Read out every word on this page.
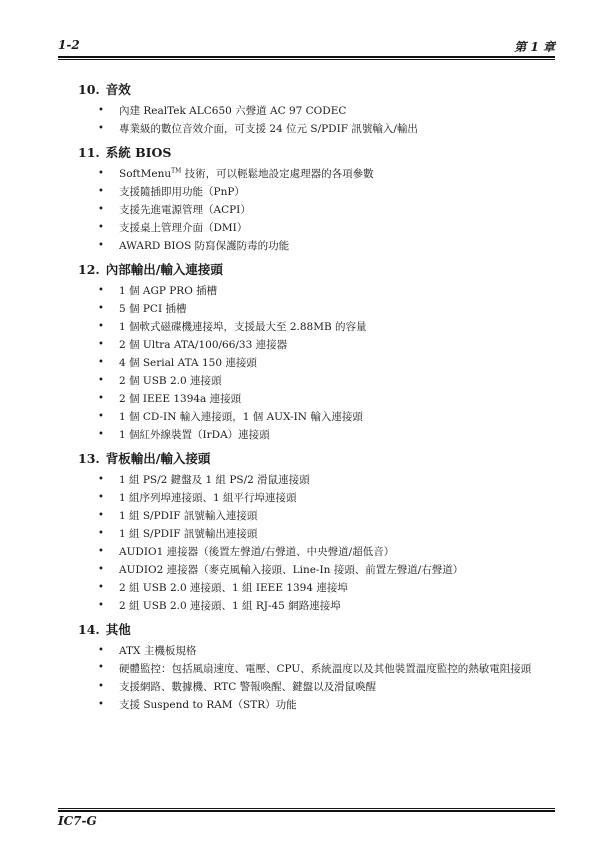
1-2	第 1 章
10. 音效
• 內建 RealTek ALC650 六聲道 AC 97 CODEC
• 專業級的數位音效介面，可支援 24 位元 S/PDIF 訊號輸入/輸出
11. 系統 BIOS
• SoftMenu™ 技術，可以輕鬆地設定處理器的各項參數
• 支援隨插即用功能（PnP）
• 支援先進電源管理（ACPI）
• 支援桌上管理介面（DMI）
• AWARD BIOS 防寫保護防毒的功能
12. 內部輸出/輸入連接頭
• 1 個 AGP PRO 插槽
• 5 個 PCI 插槽
• 1 個軟式磁碟機連接埠，支援最大至 2.88MB 的容量
• 2 個 Ultra ATA/100/66/33 連接器
• 4 個 Serial ATA 150 連接頭
• 2 個 USB 2.0 連接頭
• 2 個 IEEE 1394a 連接頭
• 1 個 CD-IN 輸入連接頭，1 個 AUX-IN 輸入連接頭
• 1 個紅外線裝置（IrDA）連接頭
13. 背板輸出/輸入接頭
• 1 組 PS/2 鍵盤及 1 組 PS/2 滑鼠連接頭
• 1 組序列埠連接頭、1 組平行埠連接頭
• 1 組 S/PDIF 訊號輸入連接頭
• 1 組 S/PDIF 訊號輸出連接頭
• AUDIO1 連接器（後置左聲道/右聲道、中央聲道/超低音）
• AUDIO2 連接器（麥克風輸入接頭、Line-In 接頭、前置左聲道/右聲道）
• 2 組 USB 2.0 連接頭、1 組 IEEE 1394 連接埠
• 2 組 USB 2.0 連接頭、1 組 RJ-45 網路連接埠
14. 其他
• ATX 主機板規格
• 硬體監控：包括風扇速度、電壓、CPU、系統溫度以及其他裝置溫度監控的熱敏電阻接頭
• 支援網路、數據機、RTC 警報喚醒、鍵盤以及滑鼠喚醒
• 支援 Suspend to RAM（STR）功能
IC7-G
